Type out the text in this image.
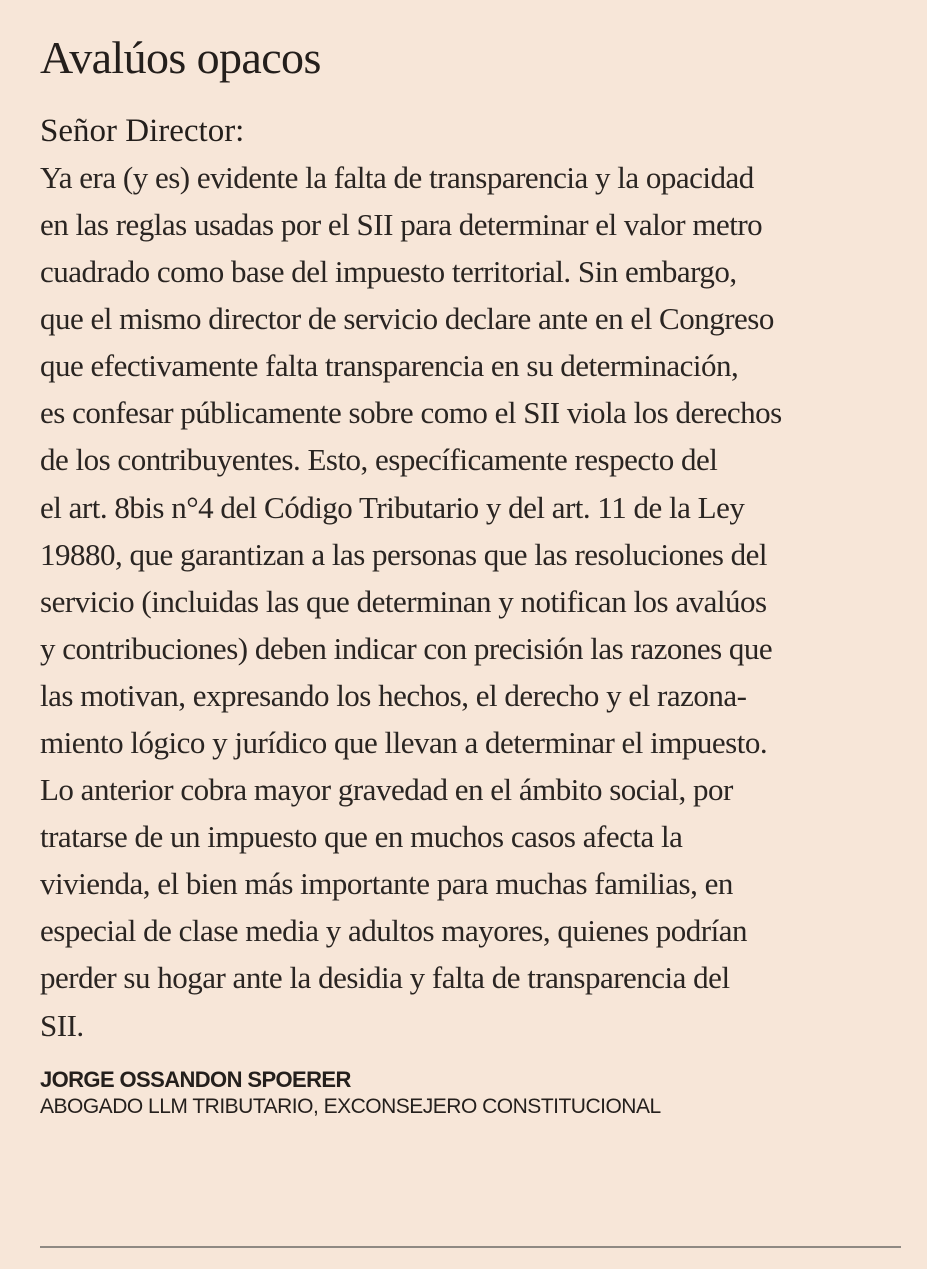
Avalúos opacos

Señor Director:

Ya era (y es) evidente la falta de transparencia y la opacidad
en las reglas usadas por el SII para determinar el valor metro
cuadrado como base del impuesto territorial. Sin embargo,
que el mismo director de servicio declare ante en el Congreso
que efectivamente falta transparencia en su determinación,
es confesar públicamente sobre como el SII viola los derechos
de los contribuyentes. Esto, específicamente respecto del
el art. 8bis n°4 del Código Tributario y del art. 11 de la Ley
19880, que garantizan a las personas que las resoluciones del
servicio (incluidas las que determinan y notifican los avalúos
y contribuciones) deben indicar con precisión las razones que
las motivan, expresando los hechos, el derecho y el razona-
miento lógico y jurídico que llevan a determinar el impuesto.
Lo anterior cobra mayor gravedad en el ámbito social, por
tratarse de un impuesto que en muchos casos afecta la
vivienda, el bien más importante para muchas familias, en
especial de clase media y adultos mayores, quienes podrían
perder su hogar ante la desidia y falta de transparencia del
SII.

JORGE OSSANDON SPOERER

ABOGADO LLM TRIBUTARIO, EXCONSEJERO CONSTITUCIONAL
